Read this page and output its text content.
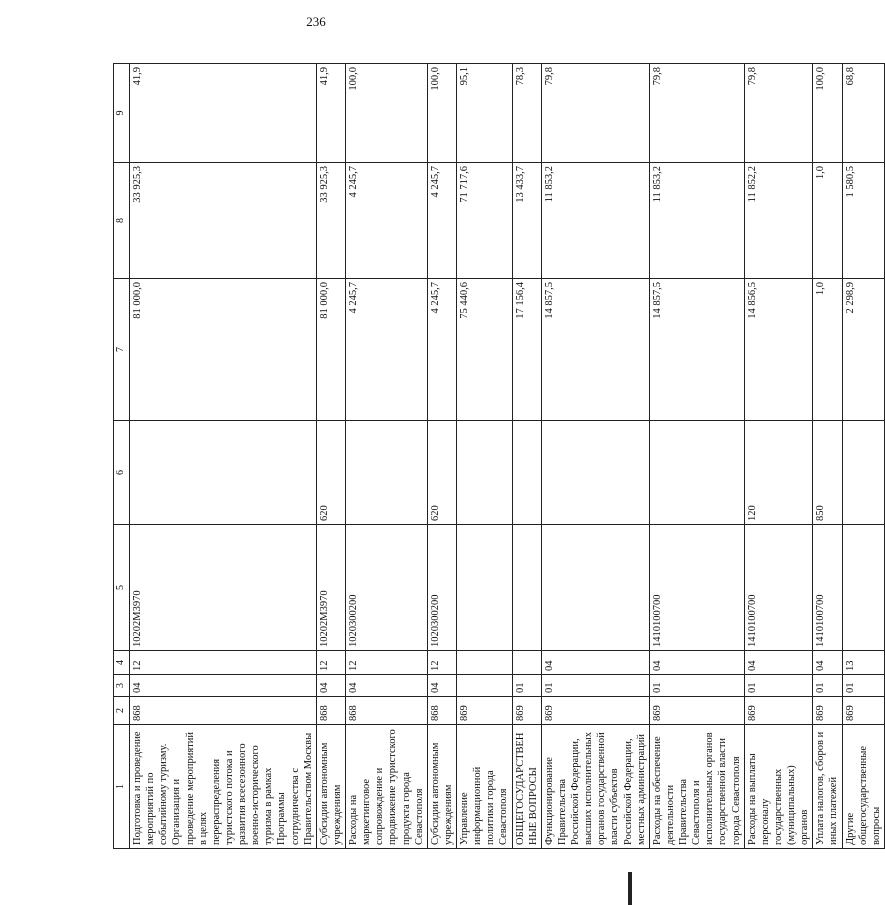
236
1	2	3	4	5	6	7	8	9
Подготовка и проведение мероприятий по событийному туризму. Организация и проведение мероприятий в целях перераспределения туристского потока и развития всесезонного военно-исторического туризма в рамках Программы сотрудничества с Правительством Москвы	868	04	12	10202М3970		81 000,0	33 925,3	41,9
Субсидии автономным учреждениям	868	04	12	10202М3970	620	81 000,0	33 925,3	41,9
Расходы на маркетинговое сопровождение и продвижение туристского продукта города Севастополя	868	04	12	1020300200		4 245,7	4 245,7	100,0
Субсидии автономным учреждениям	868	04	12	1020300200	620	4 245,7	4 245,7	100,0
Управление информационной политики города Севастополя	869					75 440,6	71 717,6	95,1
ОБЩЕГОСУДАРСТВЕННЫЕ ВОПРОСЫ	869	01				17 156,4	13 433,7	78,3
Функционирование Правительства Российской Федерации, высших исполнительных органов государственной власти субъектов Российской Федерации, местных администраций	869	01	04			14 857,5	11 853,2	79,8
Расходы на обеспечение деятельности Правительства Севастополя и исполнительных органов государственной власти города Севастополя	869	01	04	1410100700		14 857,5	11 853,2	79,8
Расходы на выплаты персоналу государственных (муниципальных) органов	869	01	04	1410100700	120	14 856,5	11 852,2	79,8
Уплата налогов, сборов и иных платежей	869	01	04	1410100700	850	1,0	1,0	100,0
Другие общегосударственные вопросы	869	01	13			2 298,9	1 580,5	68,8
